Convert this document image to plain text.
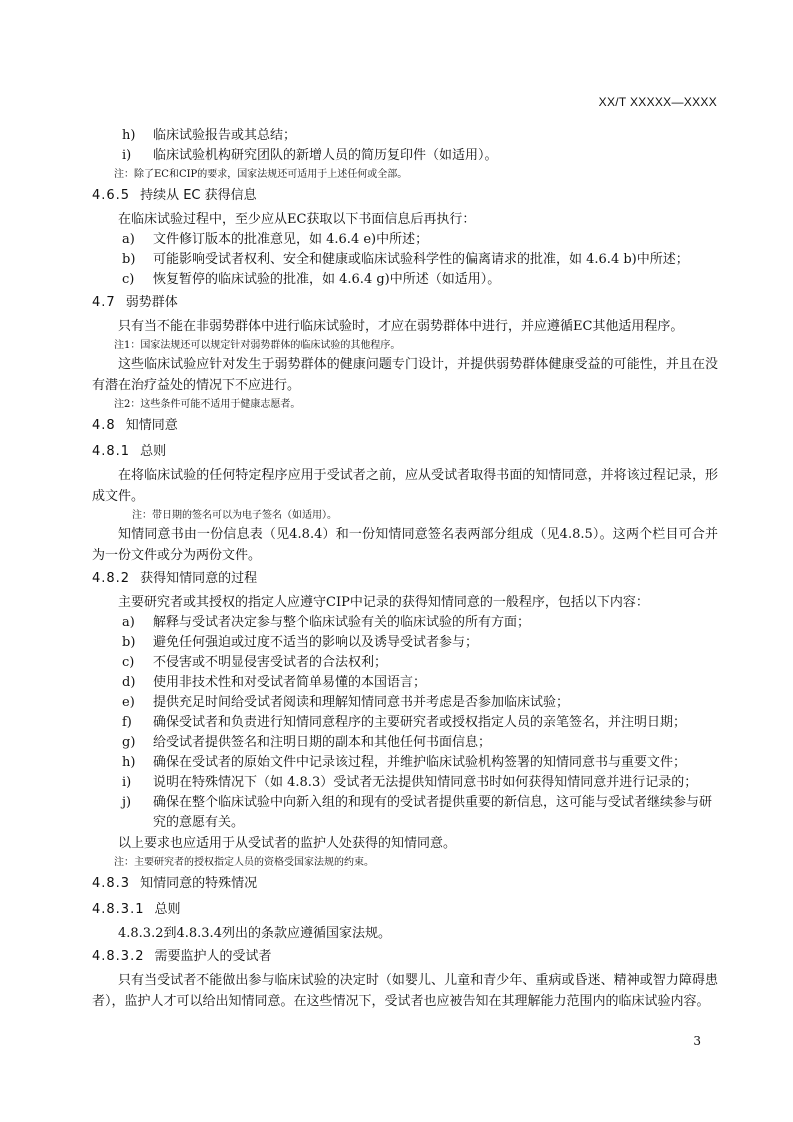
XX/T XXXXX—XXXX
h)	临床试验报告或其总结；
i)	临床试验机构研究团队的新增人员的简历复印件（如适用）。
注：除了EC和CIP的要求，国家法规还可适用于上述任何或全部。
4.6.5 持续从 EC 获得信息

在临床试验过程中，至少应从EC获取以下书面信息后再执行：

a)	文件修订版本的批准意见，如 4.6.4 e)中所述；
b)	可能影响受试者权利、安全和健康或临床试验科学性的偏离请求的批准，如 4.6.4 b)中所述；
c)	恢复暂停的临床试验的批准，如 4.6.4 g)中所述（如适用）。
4.7 弱势群体

只有当不能在非弱势群体中进行临床试验时，才应在弱势群体中进行，并应遵循EC其他适用程序。

注1：国家法规还可以规定针对弱势群体的临床试验的其他程序。

这些临床试验应针对发生于弱势群体的健康问题专门设计，并提供弱势群体健康受益的可能性，并且在没有潜在治疗益处的情况下不应进行。

注2：这些条件可能不适用于健康志愿者。
4.8 知情同意
4.8.1 总则

在将临床试验的任何特定程序应用于受试者之前，应从受试者取得书面的知情同意，并将该过程记录，形成文件。

注：带日期的签名可以为电子签名（如适用）。

知情同意书由一份信息表（见4.8.4）和一份知情同意签名表两部分组成（见4.8.5）。这两个栏目可合并为一份文件或分为两份文件。

4.8.2 获得知情同意的过程

主要研究者或其授权的指定人应遵守CIP中记录的获得知情同意的一般程序，包括以下内容：

a)	解释与受试者决定参与整个临床试验有关的临床试验的所有方面；
b)	避免任何强迫或过度不适当的影响以及诱导受试者参与；
c)	不侵害或不明显侵害受试者的合法权利；
d)	使用非技术性和对受试者简单易懂的本国语言；
e)	提供充足时间给受试者阅读和理解知情同意书并考虑是否参加临床试验；
f)	确保受试者和负责进行知情同意程序的主要研究者或授权指定人员的亲笔签名，并注明日期；
g)	给受试者提供签名和注明日期的副本和其他任何书面信息；
h)	确保在受试者的原始文件中记录该过程，并维护临床试验机构签署的知情同意书与重要文件；
i)	说明在特殊情况下（如 4.8.3）受试者无法提供知情同意书时如何获得知情同意并进行记录的；
j)	确保在整个临床试验中向新入组的和现有的受试者提供重要的新信息，这可能与受试者继续参与研究的意愿有关。

以上要求也应适用于从受试者的监护人处获得的知情同意。

注：主要研究者的授权指定人员的资格受国家法规的约束。
4.8.3 知情同意的特殊情况
4.8.3.1 总则

4.8.3.2到4.8.3.4列出的条款应遵循国家法规。

4.8.3.2 需要监护人的受试者

只有当受试者不能做出参与临床试验的决定时（如婴儿、儿童和青少年、重病或昏迷、精神或智力障碍患者），监护人才可以给出知情同意。在这些情况下，受试者也应被告知在其理解能力范围内的临床试验内容。

3
